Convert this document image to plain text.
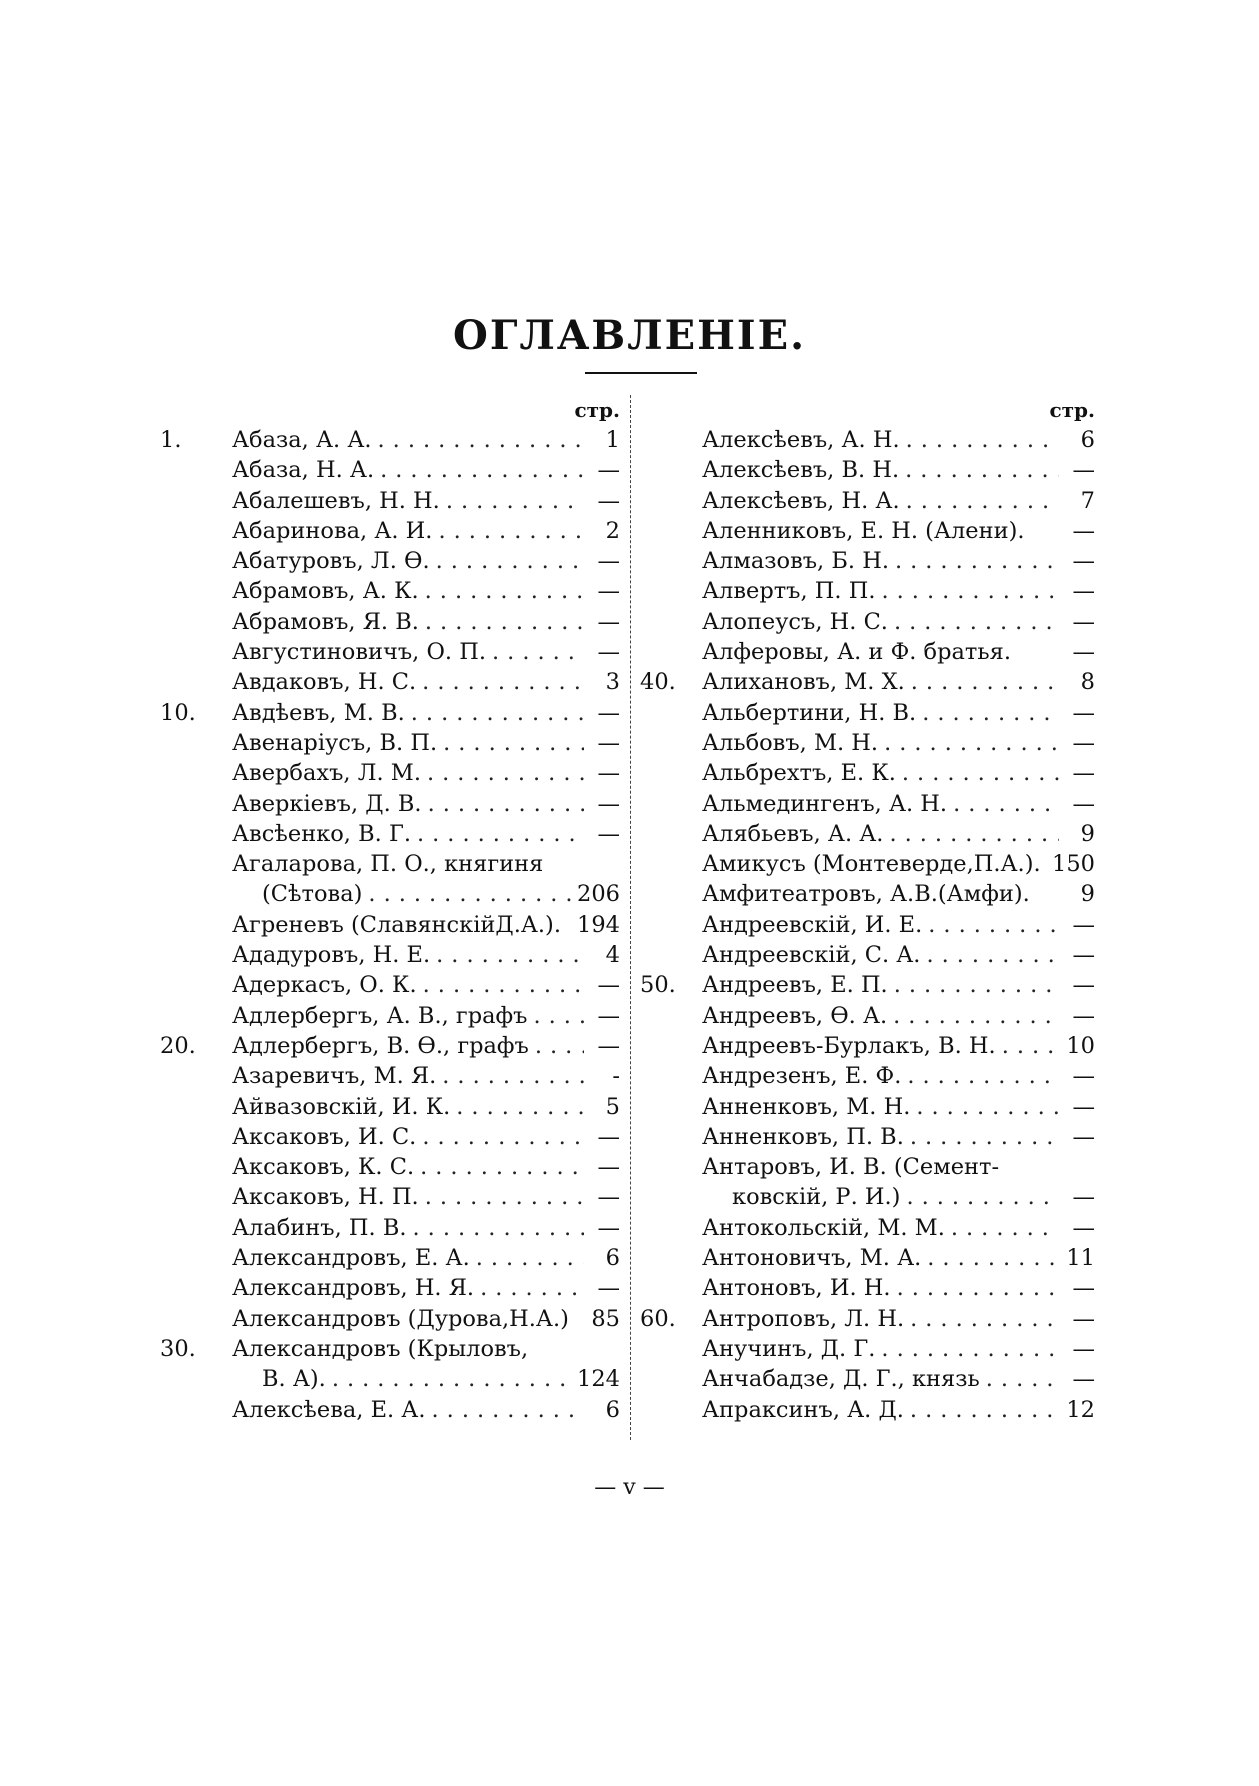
ОГЛАВЛЕНІЕ.
стр.
1.	Абаза, А. А. .....	1
Абаза, Н. А. .....	—
Абалешевъ, Н. Н. .....	—
Абаринова, А. И. .....	2
Абатуровъ, Л. Ѳ. .....	—
Абрамовъ, А. К. .....	—
Абрамовъ, Я. В. .....	—
Августиновичъ, О. П. .....	—
Авдаковъ, Н. С. .....	3
10.	Авдѣевъ, М. В. .....	—
Авенаріусъ, В. П. .....	—
Авербахъ, Л. М. .....	—
Аверкіевъ, Д. В. .....	—
Авсѣенко, В. Г. .....	—
Агаларова, П. О., княгиня
(Сѣтова) .....	206
Агреневъ (СлавянскійД.А.). 194
Ададуровъ, Н. Е. .....	4
Адеркасъ, О. К. .....	—
Адлербергъ, А. В., графъ .....	—
20.	Адлербергъ, В. Ѳ., графъ .....	—
Азаревичъ, М. Я. .....	-
Айвазовскій, И. К. .....	5
Аксаковъ, И. С. .....	—
Аксаковъ, К. С. .....	—
Аксаковъ, Н. П. .....	—
Алабинъ, П. В. .....	—
Александровъ, Е. А. .....	6
Александровъ, Н. Я. .....	—
Александровъ (Дурова,Н.А.) 85
30.	Александровъ (Крыловъ,
В. А). .....	124
Алексѣева, Е. А. .....	6
стр.
Алексѣевъ, А. Н. .....	6
Алексѣевъ, В. Н. .....	—
Алексѣевъ, Н. А. .....	7
Аленниковъ, Е. Н. (Алени).	—
Алмазовъ, Б. Н. .....	—
Алвертъ, П. П. .....	—
Алопеусъ, Н. С. .....	—
Алферовы, А. и Ф. братья.	—
40.	Алихановъ, М. Х. .....	8
Альбертини, Н. В. .....	—
Альбовъ, М. Н. .....	—
Альбрехтъ, Е. К. .....	—
Альмедингенъ, А. Н. .....	—
Алябьевъ, А. А. .....	9
Амикусъ (Монтеверде,П.А.). 150
Амфитеатровъ, А.В.(Амфи).	9
Андреевскій, И. Е. .....	—
Андреевскій, С. А. .....	—
50.	Андреевъ, Е. П. .....	—
Андреевъ, Ѳ. А. .....	—
Андреевъ-Бурлакъ, В. Н. .....	10
Андрезенъ, Е. Ф. .....	—
Анненковъ, М. Н. .....	—
Анненковъ, П. В. .....	—
Антаровъ, И. В. (Семент-
ковскій, Р. И.) .....	—
Антокольскій, М. М. .....	—
Антоновичъ, М. А. .....	11
Антоновъ, И. Н. .....	—
60.	Антроповъ, Л. Н. .....	—
Анучинъ, Д. Г. .....	—
Анчабадзе, Д. Г., князь .....	—
Апраксинъ, А. Д. .....	12
— v —
